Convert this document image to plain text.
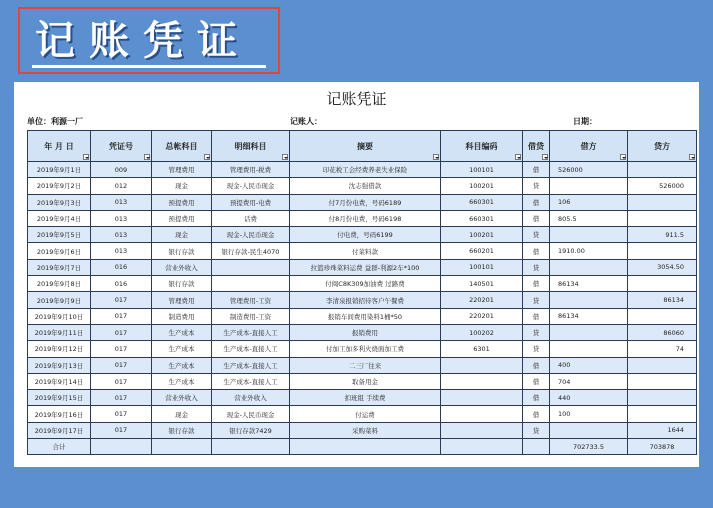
记账凭证
记账凭证
单位：利源一厂	记账人：	日期：
年 月 日	凭证号	总帐科目	明细科目	摘要	科目编码	借贷	借方	贷方

2019年9月1日	009	管理费用	管理费用-税费	印花税工会经费养老失业保险	100101	借	526000	
2019年9月2日	012	现金	现金-人民币现金	沈志强借款	100201	贷		526000
2019年9月3日	013	预提费用	预提费用-电费	付7月份电费，号码6189	660301	借	106	
2019年9月4日	013	预提费用	话费	付8月份电费，号码6198	660301	借	805.5	
2019年9月5日	013	现金	现金-人民币现金	付电费，号码6199	100201	贷		911.5
2019年9月6日	013	银行存款	银行存款-民生4070	付菜料款	660201	借	1910.00	
2019年9月7日	016	营业外收入		拉篮珍珠菜料运费 益群-利源2车*100	100101	贷		3054.50
2019年9月8日	016	银行存款		付闽C8K309加油费 过路费	140501	借	86134	
2019年9月9日	017	管理费用	管理费用-工资	李清泉报销招待客户午餐费	220201	贷		86134
2019年9月10日	017	制造费用	制造费用-工资	报销车间费用染料1桶*50	220201	借	86134	
2019年9月11日	017	生产成本	生产成本-直接人工	报销费用	100202	贷		86060
2019年9月12日	017	生产成本	生产成本-直接人工	付加工加多利火烧面加工费	6301	贷		74
2019年9月13日	017	生产成本	生产成本-直接人工	二三厂往来		借	400	
2019年9月14日	017	生产成本	生产成本-直接人工	取备用金		借	704	
2019年9月15日	017	营业外收入	营业外收入	扣班组 手续费		借	440	
2019年9月16日	017	现金	现金-人民币现金	付运费		借	100	
2019年9月17日	017	银行存款	银行存款7429	采购菜料		贷		1644
合计							702733.5	703878
